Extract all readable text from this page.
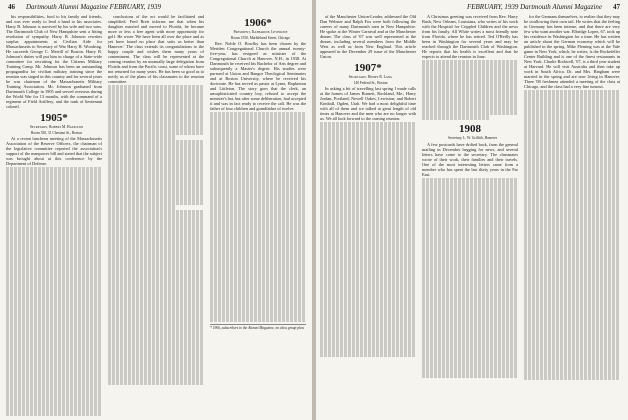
46 Dartmouth Alumni Magazine FEBRUARY, 1939

his responsibilities, food to his family and friends, and was ever ready to lend a hand to his associates. Harry B. Johnson is survived by his wife and two sons. The Dartmouth Club of New Hampshire sent a fitting resolution of sympathy. Harry B. Johnson rewrites surplus appointments at Civilian Aide for Massachusetts to Secretary of War Harry H. Woodring. He succeeds George C. Merrill of Boston. Harry B. Johnson's duties will put him in charge of a State-wide committee for recruiting for the Citizens Military Training Camp. Mr. Johnson has been an outstanding propagandist for civilian military training since the reunion was staged in this country and for several years he was chairman of the Massachusetts Military Training Association. Mr. Johnson graduated from Dartmouth College in 1905 and served overseas during the World War for 13 months, with the command of a regiment of Field Artillery, and the rank of lieutenant colonel.

1905*

Secretary, Robert M. Hazelton

Room 550, 31 Chestnut St., Boston

At a recent luncheon meeting of the Massachusetts Association of the Reserve Officers, the chairman of the legislative committee reported the association's support of the manpower bill and stated that the subject was brought about at this conference by the Department of Defense.

conclusions of the act would be facilitated and simplified. Fred Brett informs me that when his daughter married and moved to Florida, he became more or less a free agent with more opportunity for golf. He wrote 'We have been all over the place and as yet have found no place that suits us better than Hanover.' The class extends its congratulations to the happy couple and wishes them many years of contentment. The class will be represented at the coming reunion by an unusually large delegation from Florida and from the Pacific coast, some of whom have not returned for many years. He has been so good as to notify us of the plans of his classmates to the reunion committee.

1906*

President, Katharine, Leverone

Room 1550, Marblehead Street, Chicago

Rev. Noble O. Bowlby has been chosen by the Meriden Congregational Church the annual twenty-five-year, has resigned as minister of the Congregational Church at Hanover, N.H., in 1938. At Dartmouth he received his Bachelor of Arts degree and subsequently a Master's degree. His studies were pursued at Union and Bangor Theological Seminaries and at Boston University, where he received his doctorate. He has served as pastor at Lyme, Hopkinton and Littleton. The story goes that the clerk, an unsophisticated country boy, refused to accept the minister's hat, but after some deliberation, had accepted it and was in fact ready to receive the call. He was the father of four children and grandfather of twelve.

* 1906, subscribers to the Alumni Magazine, on class group plan.
FEBRUARY, 1939 Dartmouth Alumni Magazine 47

of the Manchester Union-Leader, addressed the Old Dan Webster and Ralph Fox were both following the careers of many Dartmouth men in New Hampshire. He spoke at the Winter Carnival and at the Manchester dinner. The class of '07 was well represented at the dinner, including several members from the Middle West as well as from New England. This article appeared in the December 29 issue of the Manchester Union.

1907*

Secretary, Henry B. Lang

140 Federal St., Boston

In asking a bit of travelling last spring I made calls at the homes of James Burnett, Rockland, Me.; Harry Jordan, Portland; Newell Oakes, Lewiston; and Robert Kimball, Ogden, Utah. We had a most delightful time with all of them and we talked at great length of old times at Hanover and the men who are no longer with us. We all look forward to the coming reunion.

A Christmas greeting was received from Rev. Harry Bush, New Orleans, Louisiana, who writes of his work with the Hospital for Crippled Children and the news from his family. All White writes a most friendly note from Florida, where he has retired. Ted O'Reilly has been in Washington for several years and may be reached through the Dartmouth Club of Washington. He reports that his health is excellent and that he expects to attend the reunion in June.

1908

Secretary, L. W. Griffith, Hanover

A few postcards have drifted back, from the general mailing in December begging for news, and several letters have come to the secretary. The classmates wrote of their work, their families and their travels. One of the most interesting letters came from a member who has spent the last thirty years in the Far East.

for the Germans themselves, to realize that they may be swallowing their own tail. He writes that the feeling in Germany has been intense, and that there are very few who want another war. Elbridge Lopez, 67, took up his residence in Washington for a time. He has written an article about the German economy which will be published in the spring. Mike Fleming was at the Yale game in New York, which, he writes, is the Rockefeller Center Building and is one of the finest restaurants in New York. Charlie Rothwell, '07, is a third year student at Harvard. He will visit Australia and then take up work in South Africa. Dr. and Mrs. Bingham were married in the spring and are now living in Hanover. Three '08 freshmen attended a meeting of the class at Chicago, and the class had a very fine turnout.
